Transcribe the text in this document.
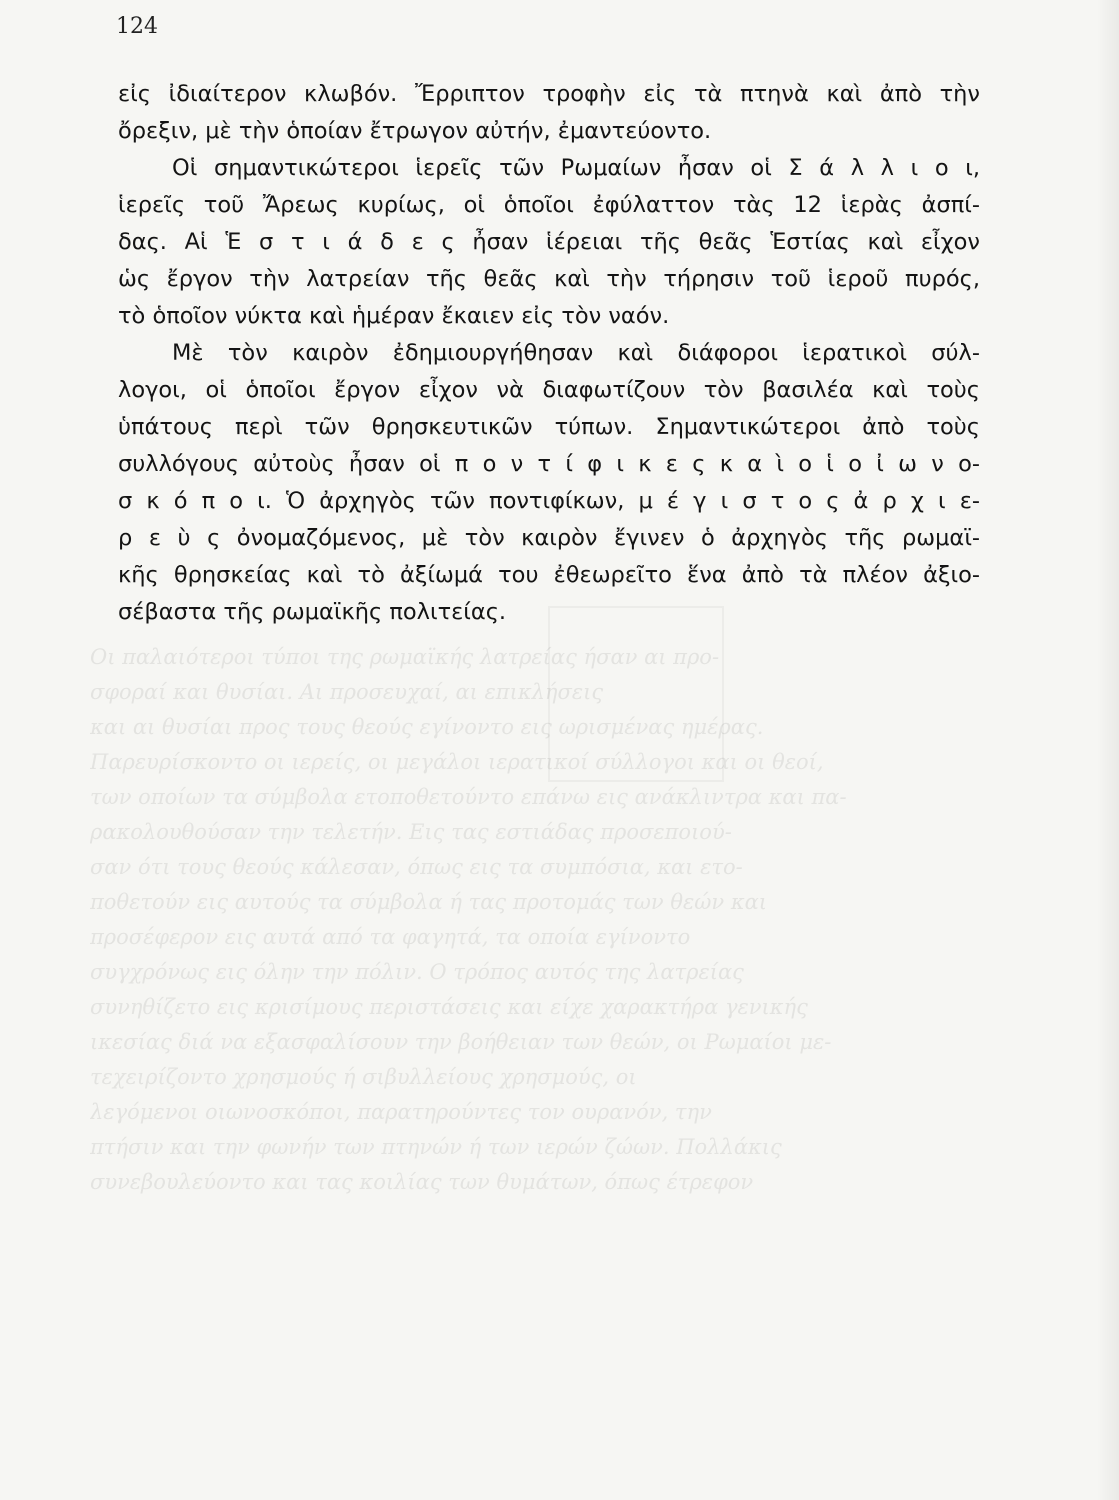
Οι παλαιότεροι τύποι της ρωμαϊκής λατρείας ήσαν αι προ-
σφοραί και θυσίαι. Αι προσευχαί, αι επικλήσεις
και αι θυσίαι προς τους θεούς εγίνοντο εις ωρισμένας ημέρας.
Παρευρίσκοντο οι ιερείς, οι μεγάλοι ιερατικοί σύλλογοι και οι θεοί,
των οποίων τα σύμβολα ετοποθετούντο επάνω εις ανάκλιντρα και πα-
ρακολουθούσαν την τελετήν. Εις τας εστιάδας προσεποιού-
σαν ότι τους θεούς κάλεσαν, όπως εις τα συμπόσια, και ετο-
ποθετούν εις αυτούς τα σύμβολα ή τας προτομάς των θεών και
προσέφερον εις αυτά από τα φαγητά, τα οποία εγίνοντο
συγχρόνως εις όλην την πόλιν. Ο τρόπος αυτός της λατρείας
συνηθίζετο εις κρισίμους περιστάσεις και είχε χαρακτήρα γενικής
ικεσίας διά να εξασφαλίσουν την βοήθειαν των θεών, οι Ρωμαίοι με-
τεχειρίζοντο χρησμούς ή σιβυλλείους χρησμούς, οι
λεγόμενοι οιωνοσκόποι, παρατηρούντες τον ουρανόν, την
πτήσιν και την φωνήν των πτηνών ή των ιερών ζώων. Πολλάκις
συνεβουλεύοντο και τας κοιλίας των θυμάτων, όπως έτρεφον
124
εἰς ἰδιαίτερον κλωβόν. Ἔρριπτον τροφὴν εἰς τὰ πτηνὰ καὶ ἀπὸ τὴν
ὄρεξιν, μὲ τὴν ὁποίαν ἔτρωγον αὐτήν, ἐμαντεύοντο.
Οἱ σημαντικώτεροι ἱερεῖς τῶν Ρωμαίων ἦσαν οἱ Σ ά λ λ ι ο ι,
ἱερεῖς τοῦ Ἄρεως κυρίως, οἱ ὁποῖοι ἐφύλαττον τὰς 12 ἱερὰς ἀσπί-
δας. Αἱ Ἑ σ τ ι ά δ ε ς ἦσαν ἱέρειαι τῆς θεᾶς Ἑστίας καὶ εἶχον
ὡς ἔργον τὴν λατρείαν τῆς θεᾶς καὶ τὴν τήρησιν τοῦ ἱεροῦ πυρός,
τὸ ὁποῖον νύκτα καὶ ἡμέραν ἔκαιεν εἰς τὸν ναόν.
Μὲ τὸν καιρὸν ἐδημιουργήθησαν καὶ διάφοροι ἱερατικοὶ σύλ-
λογοι, οἱ ὁποῖοι ἔργον εἶχον νὰ διαφωτίζουν τὸν βασιλέα καὶ τοὺς
ὑπάτους περὶ τῶν θρησκευτικῶν τύπων. Σημαντικώτεροι ἀπὸ τοὺς
συλλόγους αὐτοὺς ἦσαν οἱ π ο ν τ ί φ ι κ ε ς κ α ὶ ο ἱ ο ἰ ω ν ο-
σ κ ό π ο ι. Ὁ ἀρχηγὸς τῶν ποντιφίκων, μ έ γ ι σ τ ο ς ἀ ρ χ ι ε-
ρ ε ὺ ς ὀνομαζόμενος, μὲ τὸν καιρὸν ἔγινεν ὁ ἀρχηγὸς τῆς ρωμαϊ-
κῆς θρησκείας καὶ τὸ ἀξίωμά του ἐθεωρεῖτο ἕνα ἀπὸ τὰ πλέον ἀξιο-
σέβαστα τῆς ρωμαϊκῆς πολιτείας.
